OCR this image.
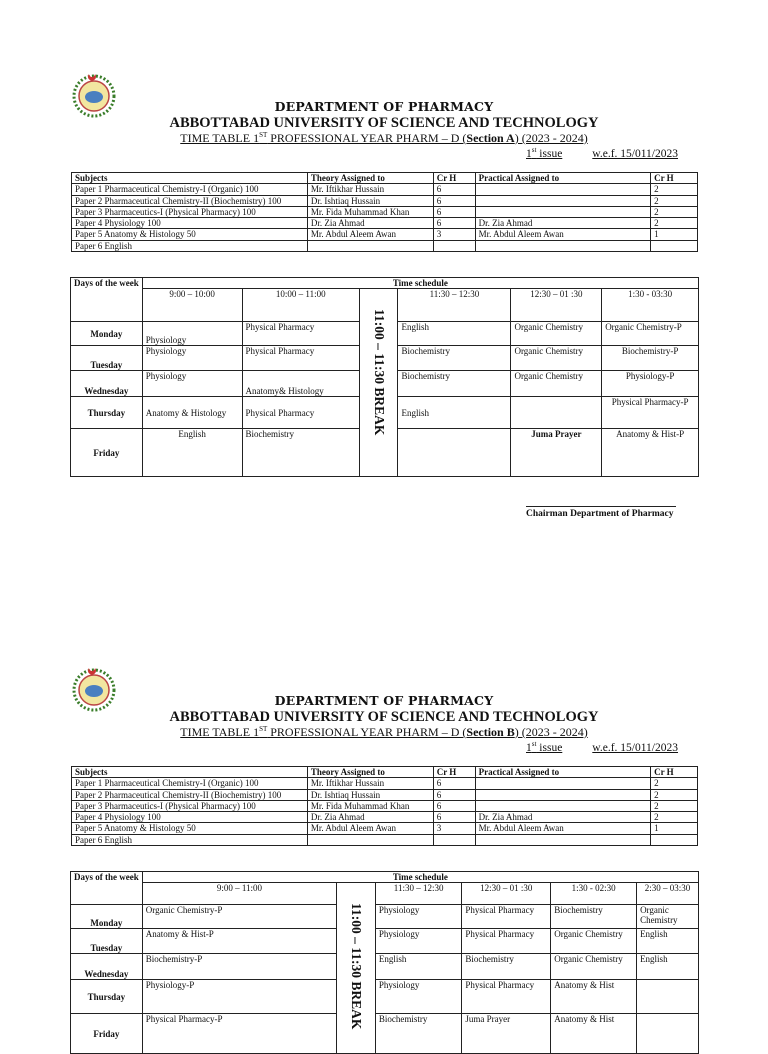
DEPARTMENT OF PHARMACY
ABBOTTABAD UNIVERSITY OF SCIENCE AND TECHNOLOGY
TIME TABLE 1ST PROFESSIONAL YEAR PHARM – D (Section A) (2023 - 2024)
1st issue	w.e.f. 15/011/2023
Subjects	Theory Assigned to	Cr H	Practical Assigned to	Cr H
Paper 1 Pharmaceutical Chemistry-I (Organic) 100	Mr. Iftikhar Hussain	6		2
Paper 2 Pharmaceutical Chemistry-II (Biochemistry) 100	Dr. Ishtiaq Hussain	6		2
Paper 3 Pharmaceutics-I (Physical Pharmacy) 100	Mr. Fida Muhammad Khan	6		2
Paper 4 Physiology 100	Dr. Zia Ahmad	6	Dr. Zia Ahmad	2
Paper 5 Anatomy & Histology 50	Mr. Abdul Aleem Awan	3	Mr. Abdul Aleem Awan	1
Paper 6 English				
Days of the week	Time schedule					
	9:00 – 10:00	10:00 – 11:00	11:00 – 11:30 BREAK	11:30 – 12:30	12:30 – 01 :30	1:30 - 03:30
Monday	Physiology	Physical Pharmacy		English	Organic Chemistry	Organic Chemistry-P
Tuesday	Physiology	Physical Pharmacy		Biochemistry	Organic Chemistry	Biochemistry-P
Wednesday	Physiology	Anatomy& Histology		Biochemistry	Organic Chemistry	Physiology-P
Thursday	Anatomy & Histology	Physical Pharmacy		English		Physical Pharmacy-P
Friday	English	Biochemistry			Juma Prayer	Anatomy & Hist-P
Chairman Department of Pharmacy
DEPARTMENT OF PHARMACY
ABBOTTABAD UNIVERSITY OF SCIENCE AND TECHNOLOGY
TIME TABLE 1ST PROFESSIONAL YEAR PHARM – D (Section B) (2023 - 2024)
1st issue	w.e.f. 15/011/2023
Subjects	Theory Assigned to	Cr H	Practical Assigned to	Cr H
Paper 1 Pharmaceutical Chemistry-I (Organic) 100	Mr. Iftikhar Hussain	6		2
Paper 2 Pharmaceutical Chemistry-II (Biochemistry) 100	Dr. Ishtiaq Hussain	6		2
Paper 3 Pharmaceutics-I (Physical Pharmacy) 100	Mr. Fida Muhammad Khan	6		2
Paper 4 Physiology 100	Dr. Zia Ahmad	6	Dr. Zia Ahmad	2
Paper 5 Anatomy & Histology 50	Mr. Abdul Aleem Awan	3	Mr. Abdul Aleem Awan	1
Paper 6 English				
Days of the week	Time schedule					
	9:00 – 11:00	11:00 – 11:30 BREAK	11:30 – 12:30	12:30 – 01 :30	1:30 - 02:30	2:30 – 03:30
Monday	Organic Chemistry-P		Physiology	Physical Pharmacy	Biochemistry	Organic Chemistry
Tuesday	Anatomy & Hist-P		Physiology	Physical Pharmacy	Organic Chemistry	English
Wednesday	Biochemistry-P		English	Biochemistry	Organic Chemistry	English
Thursday	Physiology-P		Physiology	Physical Pharmacy	Anatomy & Hist	
Friday	Physical Pharmacy-P		Biochemistry	Juma Prayer	Anatomy & Hist	
